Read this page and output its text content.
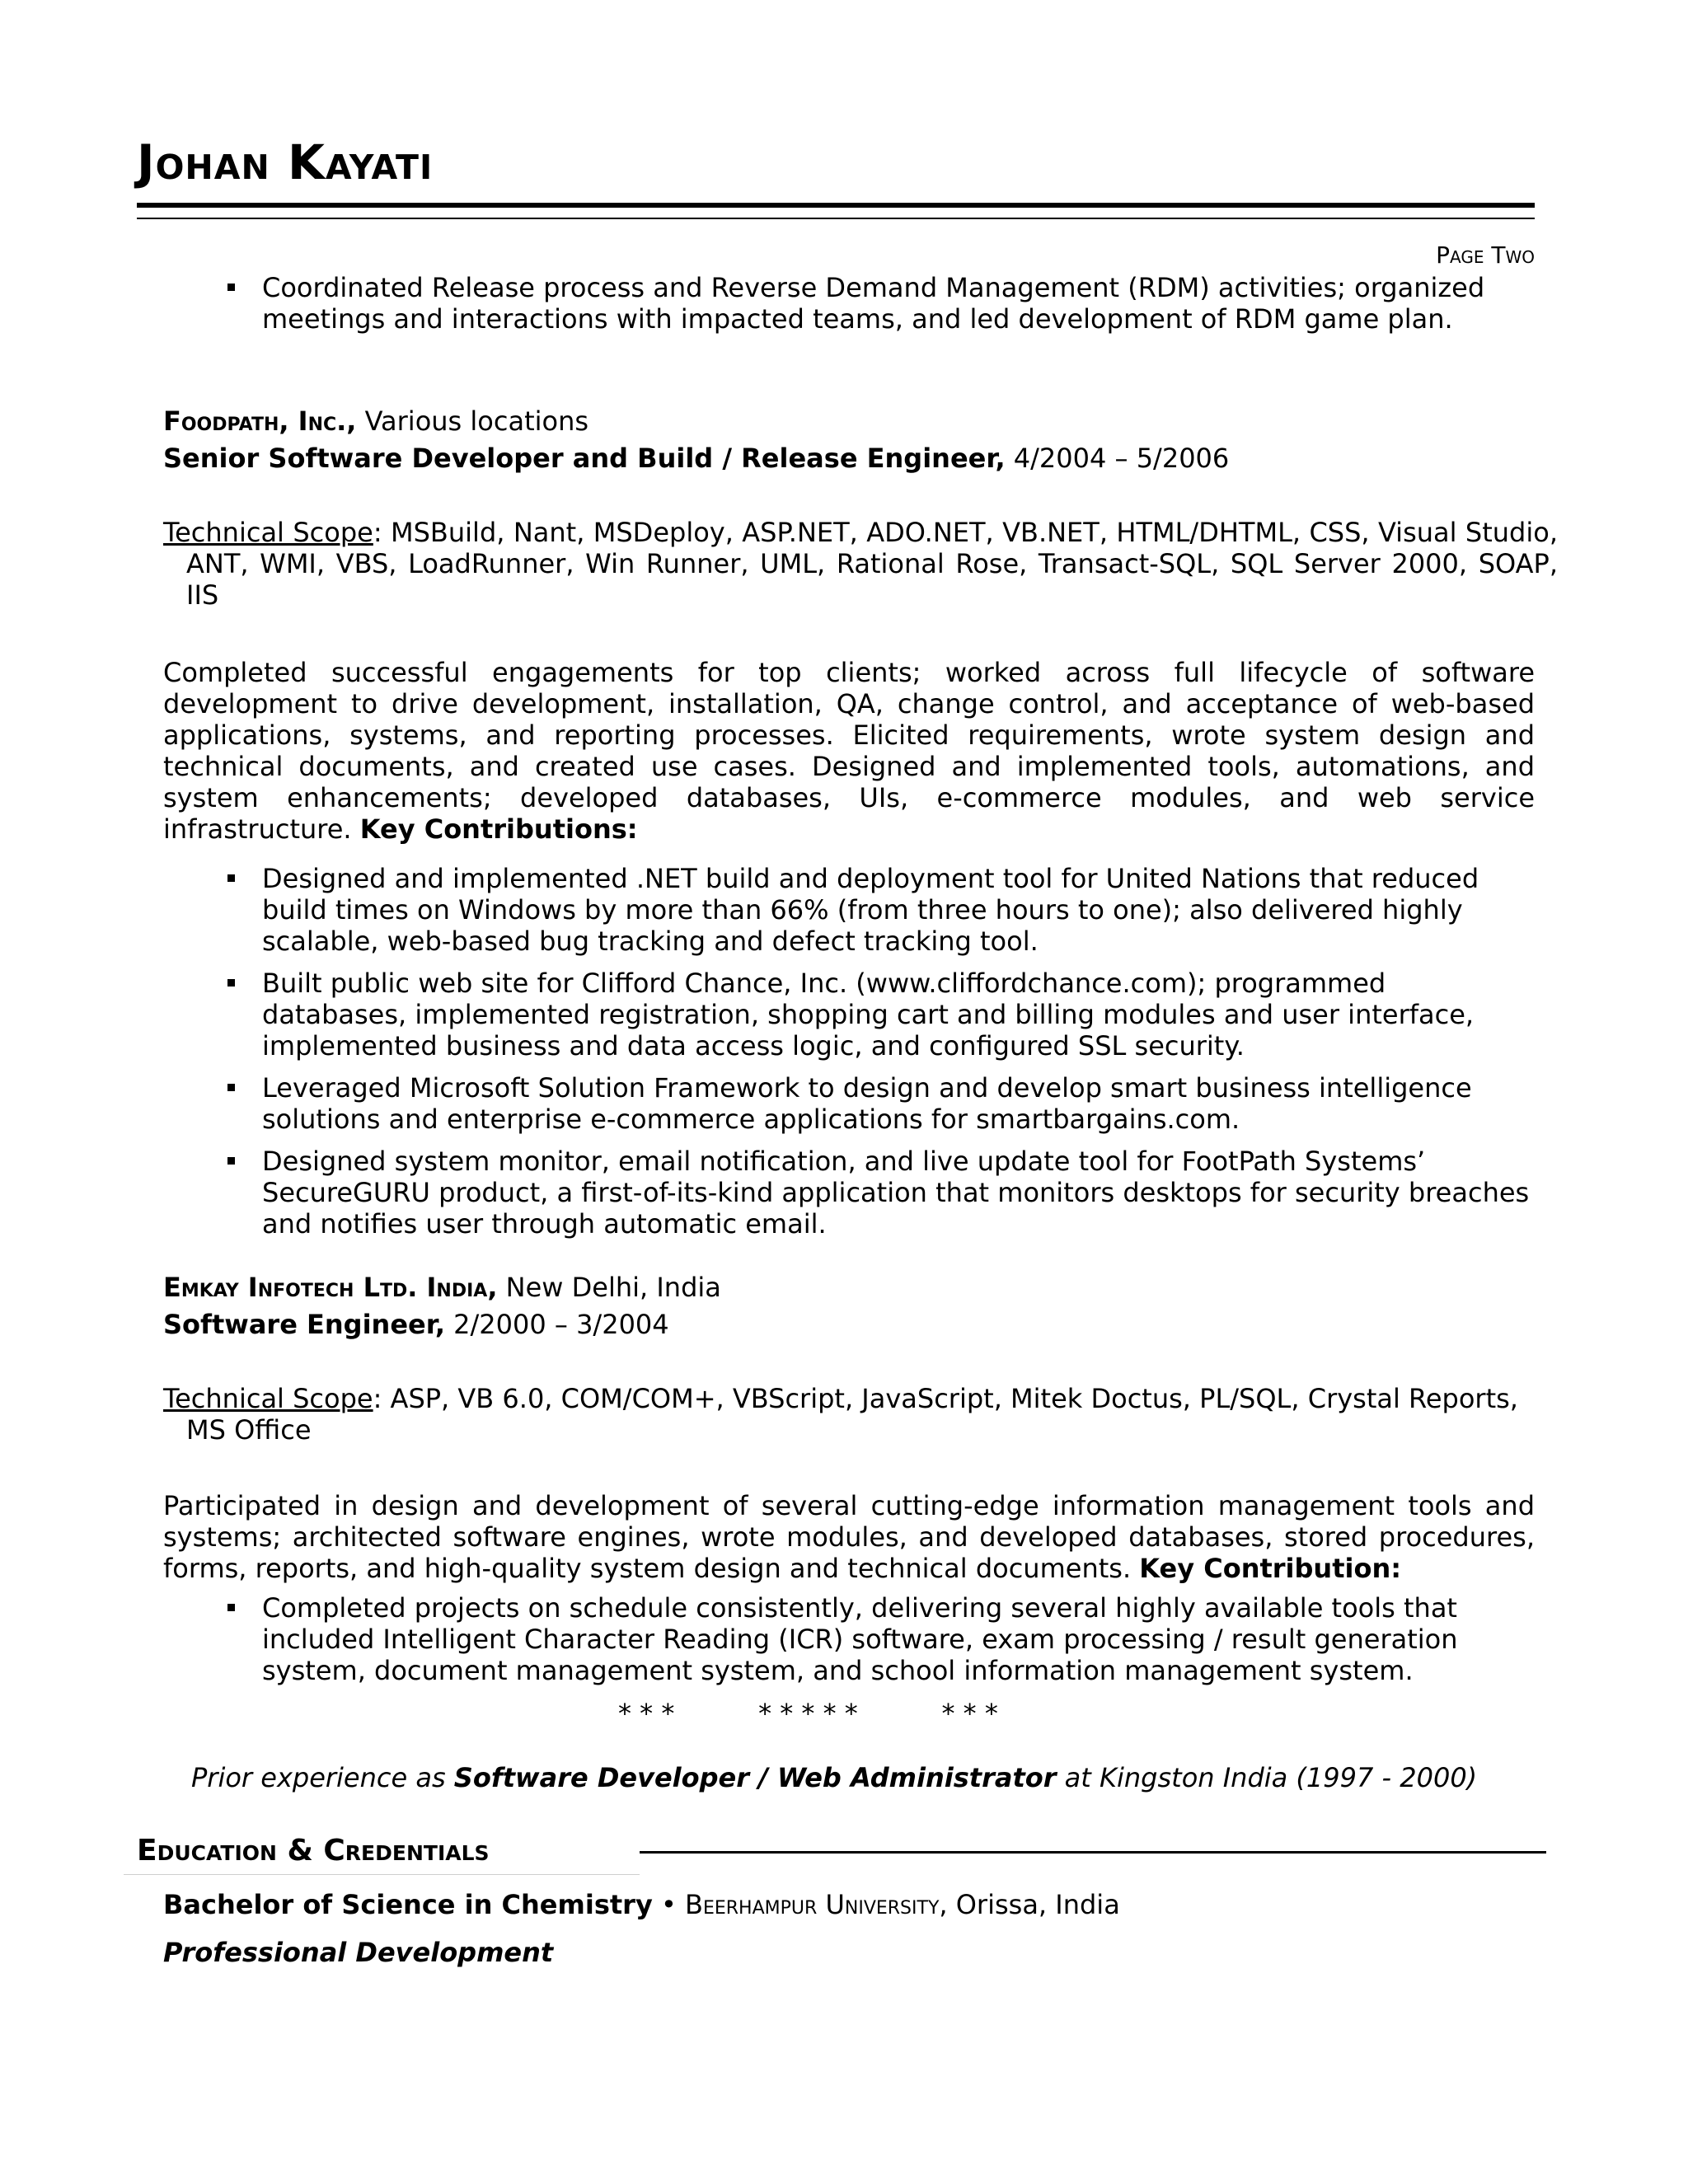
Johan Kayati
Page Two
Coordinated Release process and Reverse Demand Management (RDM) activities; organized meetings and interactions with impacted teams, and led development of RDM game plan.
Foodpath, Inc., Various locations
Senior Software Developer and Build / Release Engineer, 4/2004 – 5/2006
Technical Scope: MSBuild, Nant, MSDeploy, ASP.NET, ADO.NET, VB.NET, HTML/DHTML, CSS, Visual Studio, ANT, WMI, VBS, LoadRunner, Win Runner, UML, Rational Rose, Transact-SQL, SQL Server 2000, SOAP, IIS
Completed successful engagements for top clients; worked across full lifecycle of software development to drive development, installation, QA, change control, and acceptance of web-based applications, systems, and reporting processes. Elicited requirements, wrote system design and technical documents, and created use cases. Designed and implemented tools, automations, and system enhancements; developed databases, UIs, e-commerce modules, and web service infrastructure. Key Contributions:
Designed and implemented .NET build and deployment tool for United Nations that reduced build times on Windows by more than 66% (from three hours to one); also delivered highly scalable, web-based bug tracking and defect tracking tool.
Built public web site for Clifford Chance, Inc. (www.cliffordchance.com); programmed databases, implemented registration, shopping cart and billing modules and user interface, implemented business and data access logic, and configured SSL security.
Leveraged Microsoft Solution Framework to design and develop smart business intelligence solutions and enterprise e-commerce applications for smartbargains.com.
Designed system monitor, email notification, and live update tool for FootPath Systems’ SecureGURU product, a first-of-its-kind application that monitors desktops for security breaches and notifies user through automatic email.
Emkay Infotech Ltd. India, New Delhi, India
Software Engineer, 2/2000 – 3/2004
Technical Scope: ASP, VB 6.0, COM/COM+, VBScript, JavaScript, Mitek Doctus, PL/SQL, Crystal Reports, MS Office
Participated in design and development of several cutting-edge information management tools and systems; architected software engines, wrote modules, and developed databases, stored procedures, forms, reports, and high-quality system design and technical documents. Key Contribution:
Completed projects on schedule consistently, delivering several highly available tools that included Intelligent Character Reading (ICR) software, exam processing / result generation system, document management system, and school information management system.
* * *          * * * * *          * * *
Prior experience as Software Developer / Web Administrator at Kingston India (1997 - 2000)
Education & Credentials
Bachelor of Science in Chemistry • Beerhampur University, Orissa, India
Professional Development
